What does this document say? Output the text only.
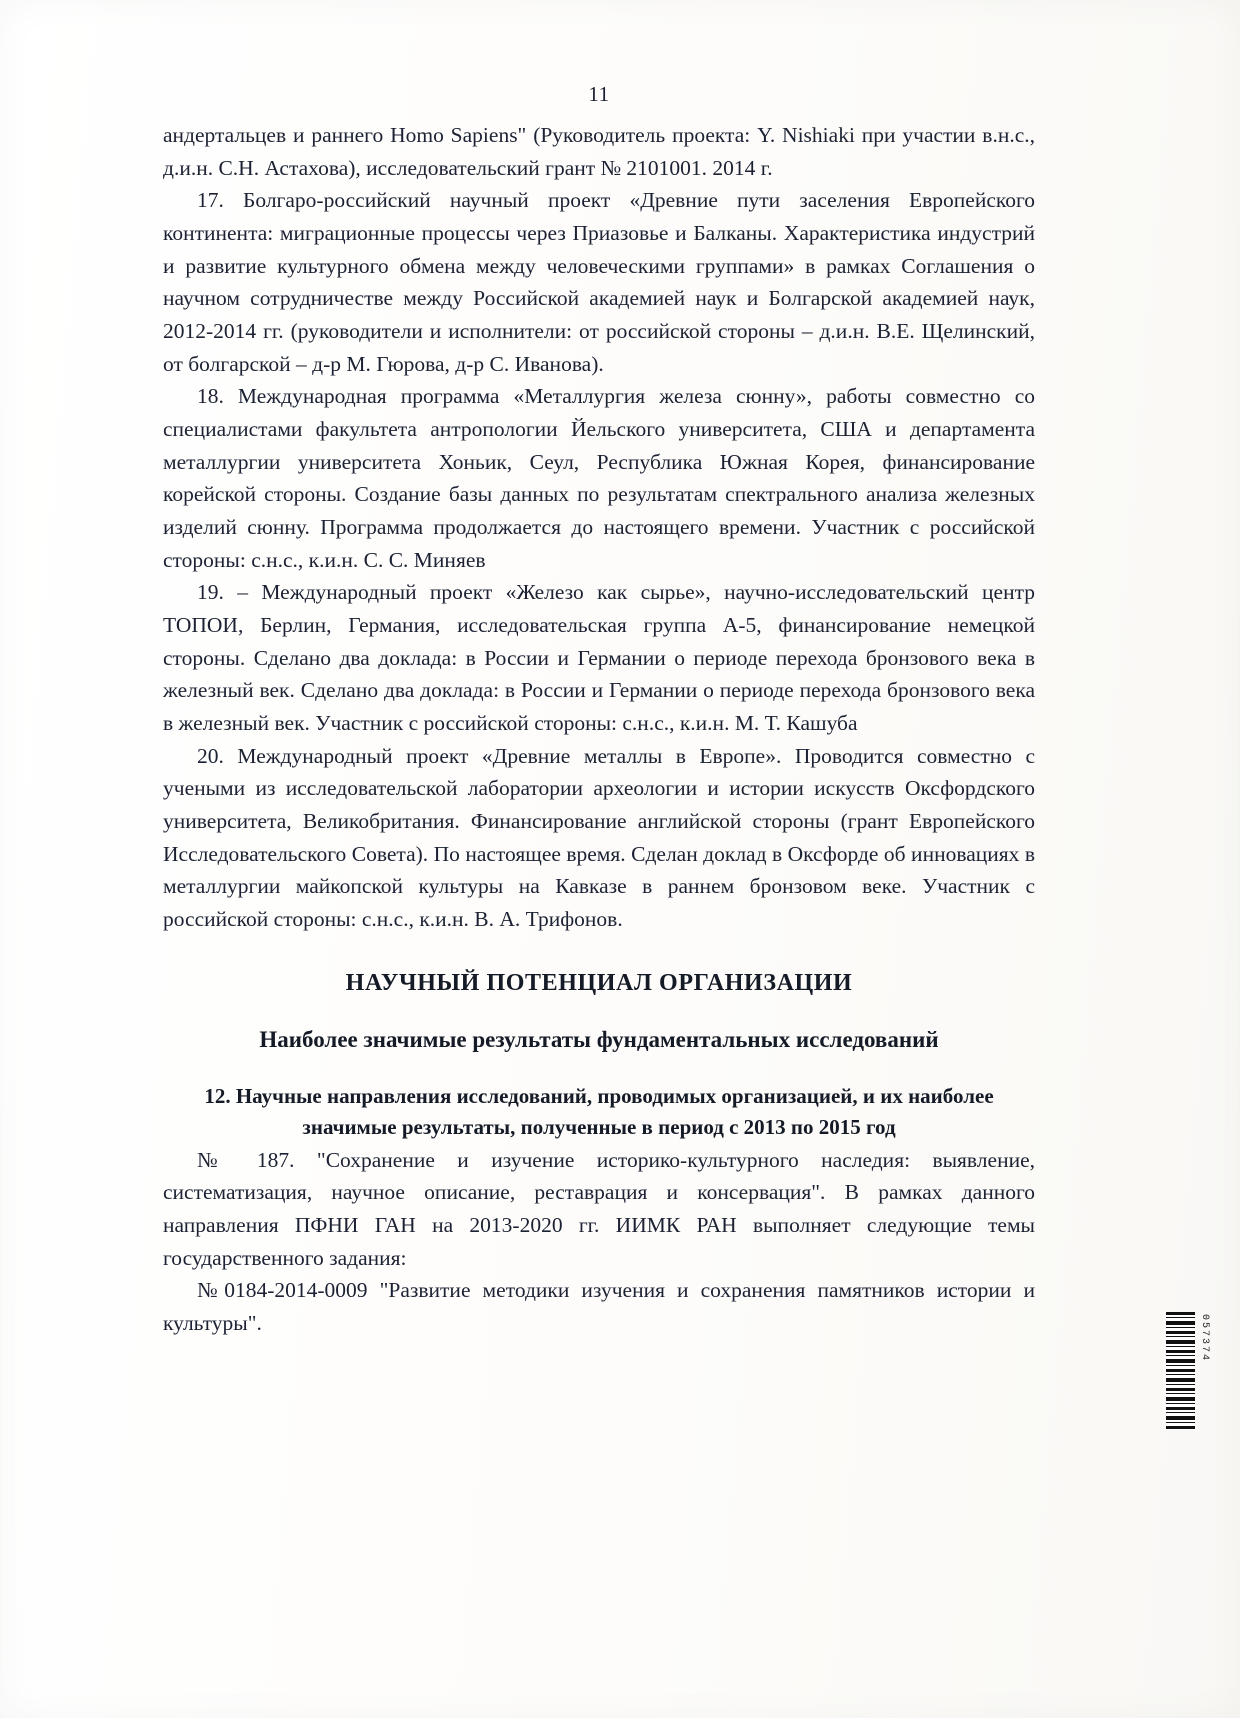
11

андертальцев и раннего Homo Sapiens" (Руководитель проекта: Y. Nishiaki при участии в.н.с., д.и.н. С.Н. Астахова), исследовательский грант № 2101001. 2014 г.

17. Болгаро-российский научный проект «Древние пути заселения Европейского континента: миграционные процессы через Приазовье и Балканы. Характеристика индустрий и развитие культурного обмена между человеческими группами» в рамках Соглашения о научном сотрудничестве между Российской академией наук и Болгарской академией наук, 2012-2014 гг. (руководители и исполнители: от российской стороны – д.и.н. В.Е. Щелинский, от болгарской – д-р М. Гюрова, д-р С. Иванова).

18. Международная программа «Металлургия железа сюнну», работы совместно со специалистами факультета антропологии Йельского университета, США и департамента металлургии университета Хоньик, Сеул, Республика Южная Корея, финансирование корейской стороны. Создание базы данных по результатам спектрального анализа железных изделий сюнну. Программа продолжается до настоящего времени. Участник с российской стороны: с.н.с., к.и.н. С. С. Миняев

19. – Международный проект «Железо как сырье», научно-исследовательский центр ТОПОИ, Берлин, Германия, исследовательская группа А-5, финансирование немецкой стороны. Сделано два доклада: в России и Германии о периоде перехода бронзового века в железный век. Сделано два доклада: в России и Германии о периоде перехода бронзового века в железный век. Участник с российской стороны: с.н.с., к.и.н. М. Т. Кашуба

20. Международный проект «Древние металлы в Европе». Проводится совместно с учеными из исследовательской лаборатории археологии и истории искусств Оксфордского университета, Великобритания. Финансирование английской стороны (грант Европейского Исследовательского Совета). По настоящее время. Сделан доклад в Оксфорде об инновациях в металлургии майкопской культуры на Кавказе в раннем бронзовом веке. Участник с российской стороны: с.н.с., к.и.н. В. А. Трифонов.

НАУЧНЫЙ ПОТЕНЦИАЛ ОРГАНИЗАЦИИ
Наиболее значимые результаты фундаментальных исследований
12. Научные направления исследований, проводимых организацией, и их наиболее значимые результаты, полученные в период с 2013 по 2015 год

№ 187. "Сохранение и изучение историко-культурного наследия: выявление, систематизация, научное описание, реставрация и консервация". В рамках данного направления ПФНИ ГАН на 2013-2020 гг. ИИМК РАН выполняет следующие темы государственного задания:

№0184-2014-0009 "Развитие методики изучения и сохранения памятников истории и культуры".	057374
